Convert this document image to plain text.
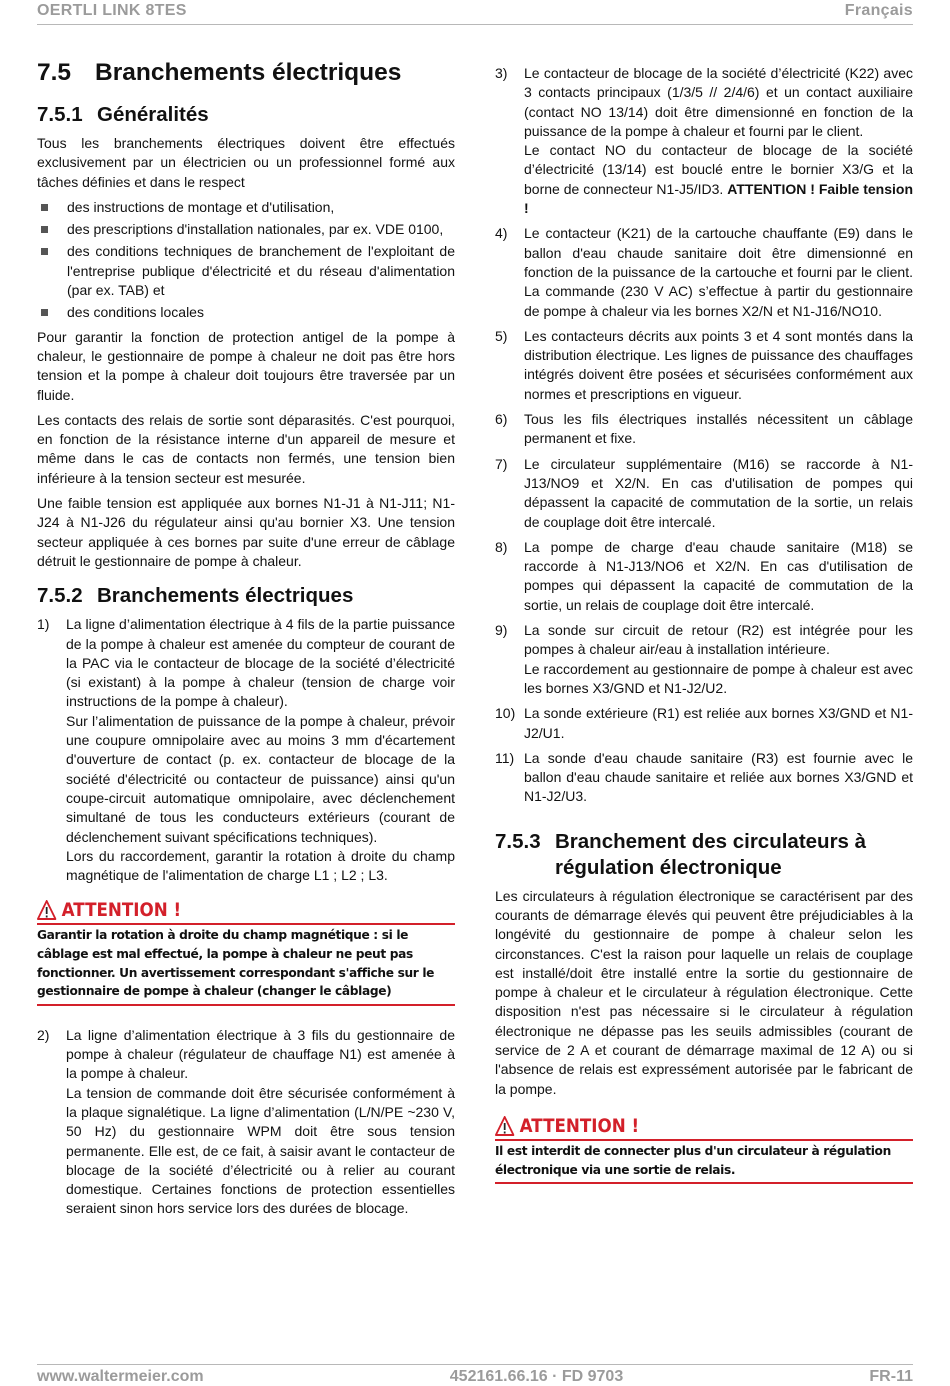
OERTLI LINK 8TES	Français
7.5 Branchements électriques
7.5.1 Généralités

Tous les branchements électriques doivent être effectués exclusivement par un électricien ou un professionnel formé aux tâches définies et dans le respect

des instructions de montage et d'utilisation,
des prescriptions d'installation nationales, par ex. VDE 0100,
des conditions techniques de branchement de l'exploitant de l'entreprise publique d'électricité et du réseau d'alimentation (par ex. TAB) et
des conditions locales

Pour garantir la fonction de protection antigel de la pompe à chaleur, le gestionnaire de pompe à chaleur ne doit pas être hors tension et la pompe à chaleur doit toujours être traversée par un fluide.

Les contacts des relais de sortie sont déparasités. C'est pourquoi, en fonction de la résistance interne d'un appareil de mesure et même dans le cas de contacts non fermés, une tension bien inférieure à la tension secteur est mesurée.

Une faible tension est appliquée aux bornes N1-J1 à N1-J11; N1-J24 à N1-J26 du régulateur ainsi qu'au bornier X3. Une tension secteur appliquée à ces bornes par suite d'une erreur de câblage détruit le gestionnaire de pompe à chaleur.

7.5.2 Branchements électriques
1) La ligne d’alimentation électrique à 4 fils de la partie puissance de la pompe à chaleur est amenée du compteur de courant de la PAC via le contacteur de blocage de la société d’électricité (si existant) à la pompe à chaleur (tension de charge voir instructions de la pompe à chaleur).
Sur l’alimentation de puissance de la pompe à chaleur, prévoir une coupure omnipolaire avec au moins 3 mm d'écartement d'ouverture de contact (p. ex. contacteur de blocage de la société d'électricité ou contacteur de puissance) ainsi qu'un coupe-circuit automatique omnipolaire, avec déclenchement simultané de tous les conducteurs extérieurs (courant de déclenchement suivant spécifications techniques).
Lors du raccordement, garantir la rotation à droite du champ magnétique de l'alimentation de charge L1 ; L2 ; L3.
ATTENTION !
Garantir la rotation à droite du champ magnétique : si le câblage est mal effectué, la pompe à chaleur ne peut pas fonctionner. Un avertissement correspondant s'affiche sur le gestionnaire de pompe à chaleur (changer le câblage)
2) La ligne d’alimentation électrique à 3 fils du gestionnaire de pompe à chaleur (régulateur de chauffage N1) est amenée à la pompe à chaleur.
La tension de commande doit être sécurisée conformément à la plaque signalétique. La ligne d’alimentation (L/N/PE ~230 V, 50 Hz) du gestionnaire WPM doit être sous tension permanente. Elle est, de ce fait, à saisir avant le contacteur de blocage de la société d’électricité ou à relier au courant domestique. Certaines fonctions de protection essentielles seraient sinon hors service lors des durées de blocage.
3) Le contacteur de blocage de la société d’électricité (K22) avec 3 contacts principaux (1/3/5 // 2/4/6) et un contact auxiliaire (contact NO 13/14) doit être dimensionné en fonction de la puissance de la pompe à chaleur et fourni par le client.
Le contact NO du contacteur de blocage de la société d’électricité (13/14) est bouclé entre le bornier X3/G et la borne de connecteur N1-J5/ID3. ATTENTION ! Faible tension !
4) Le contacteur (K21) de la cartouche chauffante (E9) dans le ballon d'eau chaude sanitaire doit être dimensionné en fonction de la puissance de la cartouche et fourni par le client. La commande (230 V AC) s’effectue à partir du gestionnaire de pompe à chaleur via les bornes X2/N et N1-J16/NO10.
5) Les contacteurs décrits aux points 3 et 4 sont montés dans la distribution électrique. Les lignes de puissance des chauffages intégrés doivent être posées et sécurisées conformément aux normes et prescriptions en vigueur.
6) Tous les fils électriques installés nécessitent un câblage permanent et fixe.
7) Le circulateur supplémentaire (M16) se raccorde à N1-J13/NO9 et X2/N. En cas d'utilisation de pompes qui dépassent la capacité de commutation de la sortie, un relais de couplage doit être intercalé.
8) La pompe de charge d'eau chaude sanitaire (M18) se raccorde à N1-J13/NO6 et X2/N. En cas d'utilisation de pompes qui dépassent la capacité de commutation de la sortie, un relais de couplage doit être intercalé.
9) La sonde sur circuit de retour (R2) est intégrée pour les pompes à chaleur air/eau à installation intérieure.
Le raccordement au gestionnaire de pompe à chaleur est avec les bornes X3/GND et N1-J2/U2.
10) La sonde extérieure (R1) est reliée aux bornes X3/GND et N1-J2/U1.
11) La sonde d'eau chaude sanitaire (R3) est fournie avec le ballon d'eau chaude sanitaire et reliée aux bornes X3/GND et N1-J2/U3.
7.5.3 Branchement des circulateurs à régulation électronique

Les circulateurs à régulation électronique se caractérisent par des courants de démarrage élevés qui peuvent être préjudiciables à la longévité du gestionnaire de pompe à chaleur selon les circonstances. C'est la raison pour laquelle un relais de couplage est installé/doit être installé entre la sortie du gestionnaire de pompe à chaleur et le circulateur à régulation électronique. Cette disposition n'est pas nécessaire si le circulateur à régulation électronique ne dépasse pas les seuils admissibles (courant de service de 2 A et courant de démarrage maximal de 12 A) ou si l'absence de relais est expressément autorisée par le fabricant de la pompe.

ATTENTION !
Il est interdit de connecter plus d'un circulateur à régulation électronique via une sortie de relais.
www.waltermeier.com	452161.66.16 · FD 9703	FR-11
